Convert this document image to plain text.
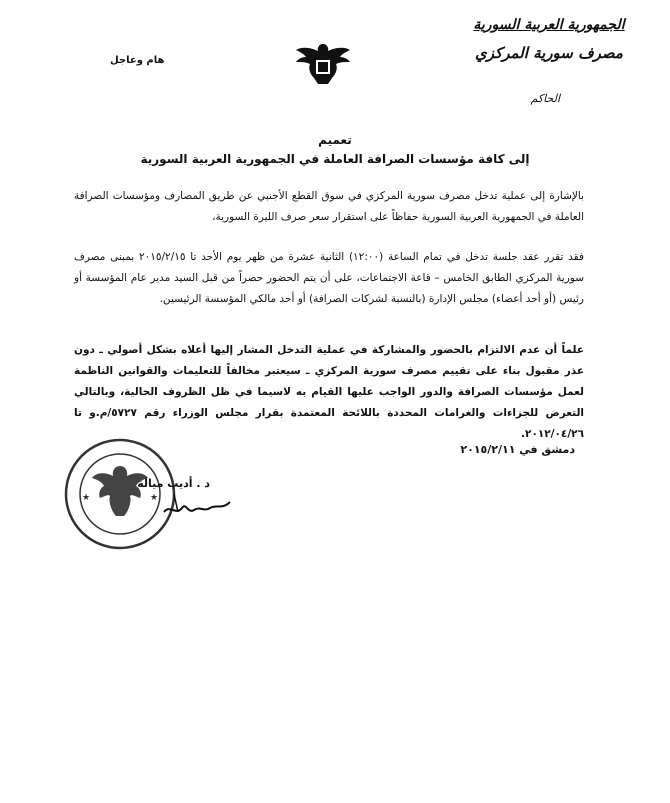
هام وعاجل
الجمهورية العربية السورية
مصرف سورية المركزي
الحاكم
تعميم
إلى كافة مؤسسات الصرافة العاملة في الجمهورية العربية السورية
بالإشارة إلى عملية تدخل مصرف سورية المركزي في سوق القطع الأجنبي عن طريق المصارف ومؤسسات الصرافة العاملة في الجمهورية العربية السورية حفاظاً على استقرار سعر صرف الليرة السورية،
فقد تقرر عقد جلسة تدخل في تمام الساعة (١٢:٠٠) الثانية عشرة من ظهر يوم الأحد تا ٢٠١٥/٢/١٥ بمبنى مصرف سورية المركزي الطابق الخامس – قاعة الاجتماعات، على أن يتم الحضور حصراً من قبل السيد مدير عام المؤسسة أو رئيس (أو أحد أعضاء) مجلس الإدارة (بالنسبة لشركات الصرافة) أو أحد مالكي المؤسسة الرئيسين.
علماً أن عدم الالتزام بالحضور والمشاركة في عملية التدخل المشار إليها أعلاه بشكل أصولي ـ دون عذر مقبول بناء على تقييم مصرف سورية المركزي ـ سيعتبر مخالفاً للتعليمات والقوانين الناظمة لعمل مؤسسات الصرافة والدور الواجب عليها القيام به لاسيما في ظل الظروف الحالية، وبالتالي التعرض للجزاءات والغرامات المحددة باللائحة المعتمدة بقرار مجلس الوزراء رقم ٥٧٢٧/م.و تا ٢٠١٢/٠٤/٢٦.
دمشق في ٢٠١٥/٢/١١
★	★
د . أديب ميالة
